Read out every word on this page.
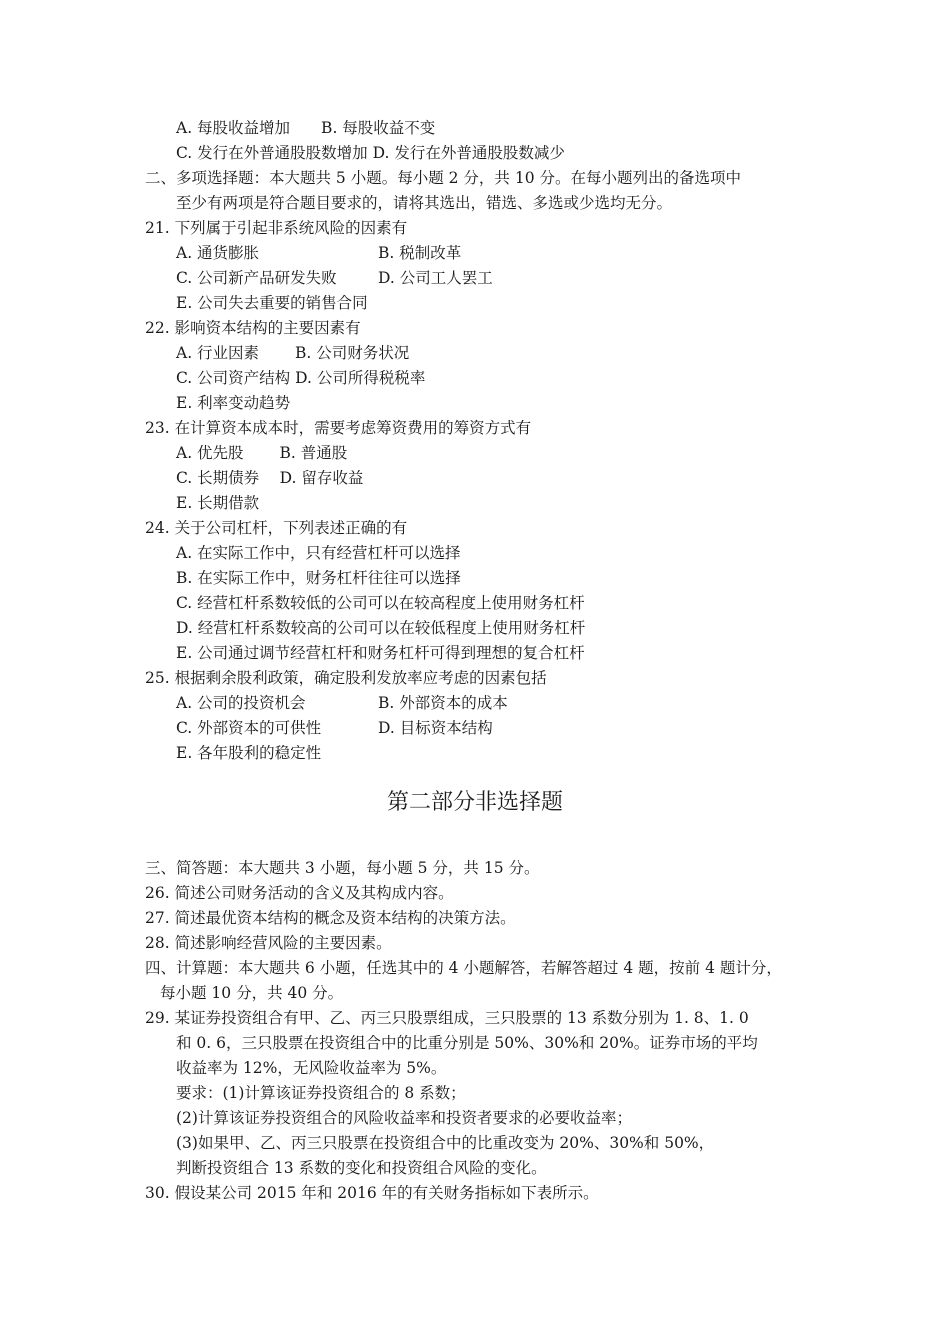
A. 每股收益增加　　B. 每股收益不变
C. 发行在外普通股股数增加 D. 发行在外普通股股数减少
二、多项选择题：本大题共 5 小题。每小题 2 分，共 10 分。在每小题列出的备选项中
至少有两项是符合题目要求的，请将其选出，错选、多选或少选均无分。
21. 下列属于引起非系统风险的因素有
A. 通货膨胀	B. 税制改革
C. 公司新产品研发失败	D. 公司工人罢工
E. 公司失去重要的销售合同
22. 影响资本结构的主要因素有
A. 行业因素　　 B. 公司财务状况
C. 公司资产结构 D. 公司所得税税率
E. 利率变动趋势
23. 在计算资本成本时，需要考虑筹资费用的筹资方式有
A. 优先股　　 B. 普通股
C. 长期债券　 D. 留存收益
E. 长期借款
24. 关于公司杠杆，下列表述正确的有
A. 在实际工作中，只有经营杠杆可以选择
B. 在实际工作中，财务杠杆往往可以选择
C. 经营杠杆系数较低的公司可以在较高程度上使用财务杠杆
D. 经营杠杆系数较高的公司可以在较低程度上使用财务杠杆
E. 公司通过调节经营杠杆和财务杠杆可得到理想的复合杠杆
25. 根据剩余股利政策，确定股利发放率应考虑的因素包括
A. 公司的投资机会	B. 外部资本的成本
C. 外部资本的可供性	D. 目标资本结构
E. 各年股利的稳定性
第二部分非选择题
三、简答题：本大题共 3 小题，每小题 5 分，共 15 分。
26. 简述公司财务活动的含义及其构成内容。
27. 简述最优资本结构的概念及资本结构的决策方法。
28. 简述影响经营风险的主要因素。
四、计算题：本大题共 6 小题，任选其中的 4 小题解答，若解答超过 4 题，按前 4 题计分，
每小题 10 分，共 40 分。
29. 某证券投资组合有甲、乙、丙三只股票组成，三只股票的 13 系数分别为 1. 8、1. 0
和 0. 6，三只股票在投资组合中的比重分别是 50%、30%和 20%。证券市场的平均
收益率为 12%，无风险收益率为 5%。
要求：(1)计算该证券投资组合的 8 系数；
(2)计算该证券投资组合的风险收益率和投资者要求的必要收益率；
(3)如果甲、乙、丙三只股票在投资组合中的比重改变为 20%、30%和 50%，
判断投资组合 13 系数的变化和投资组合风险的变化。
30. 假设某公司 2015 年和 2016 年的有关财务指标如下表所示。
